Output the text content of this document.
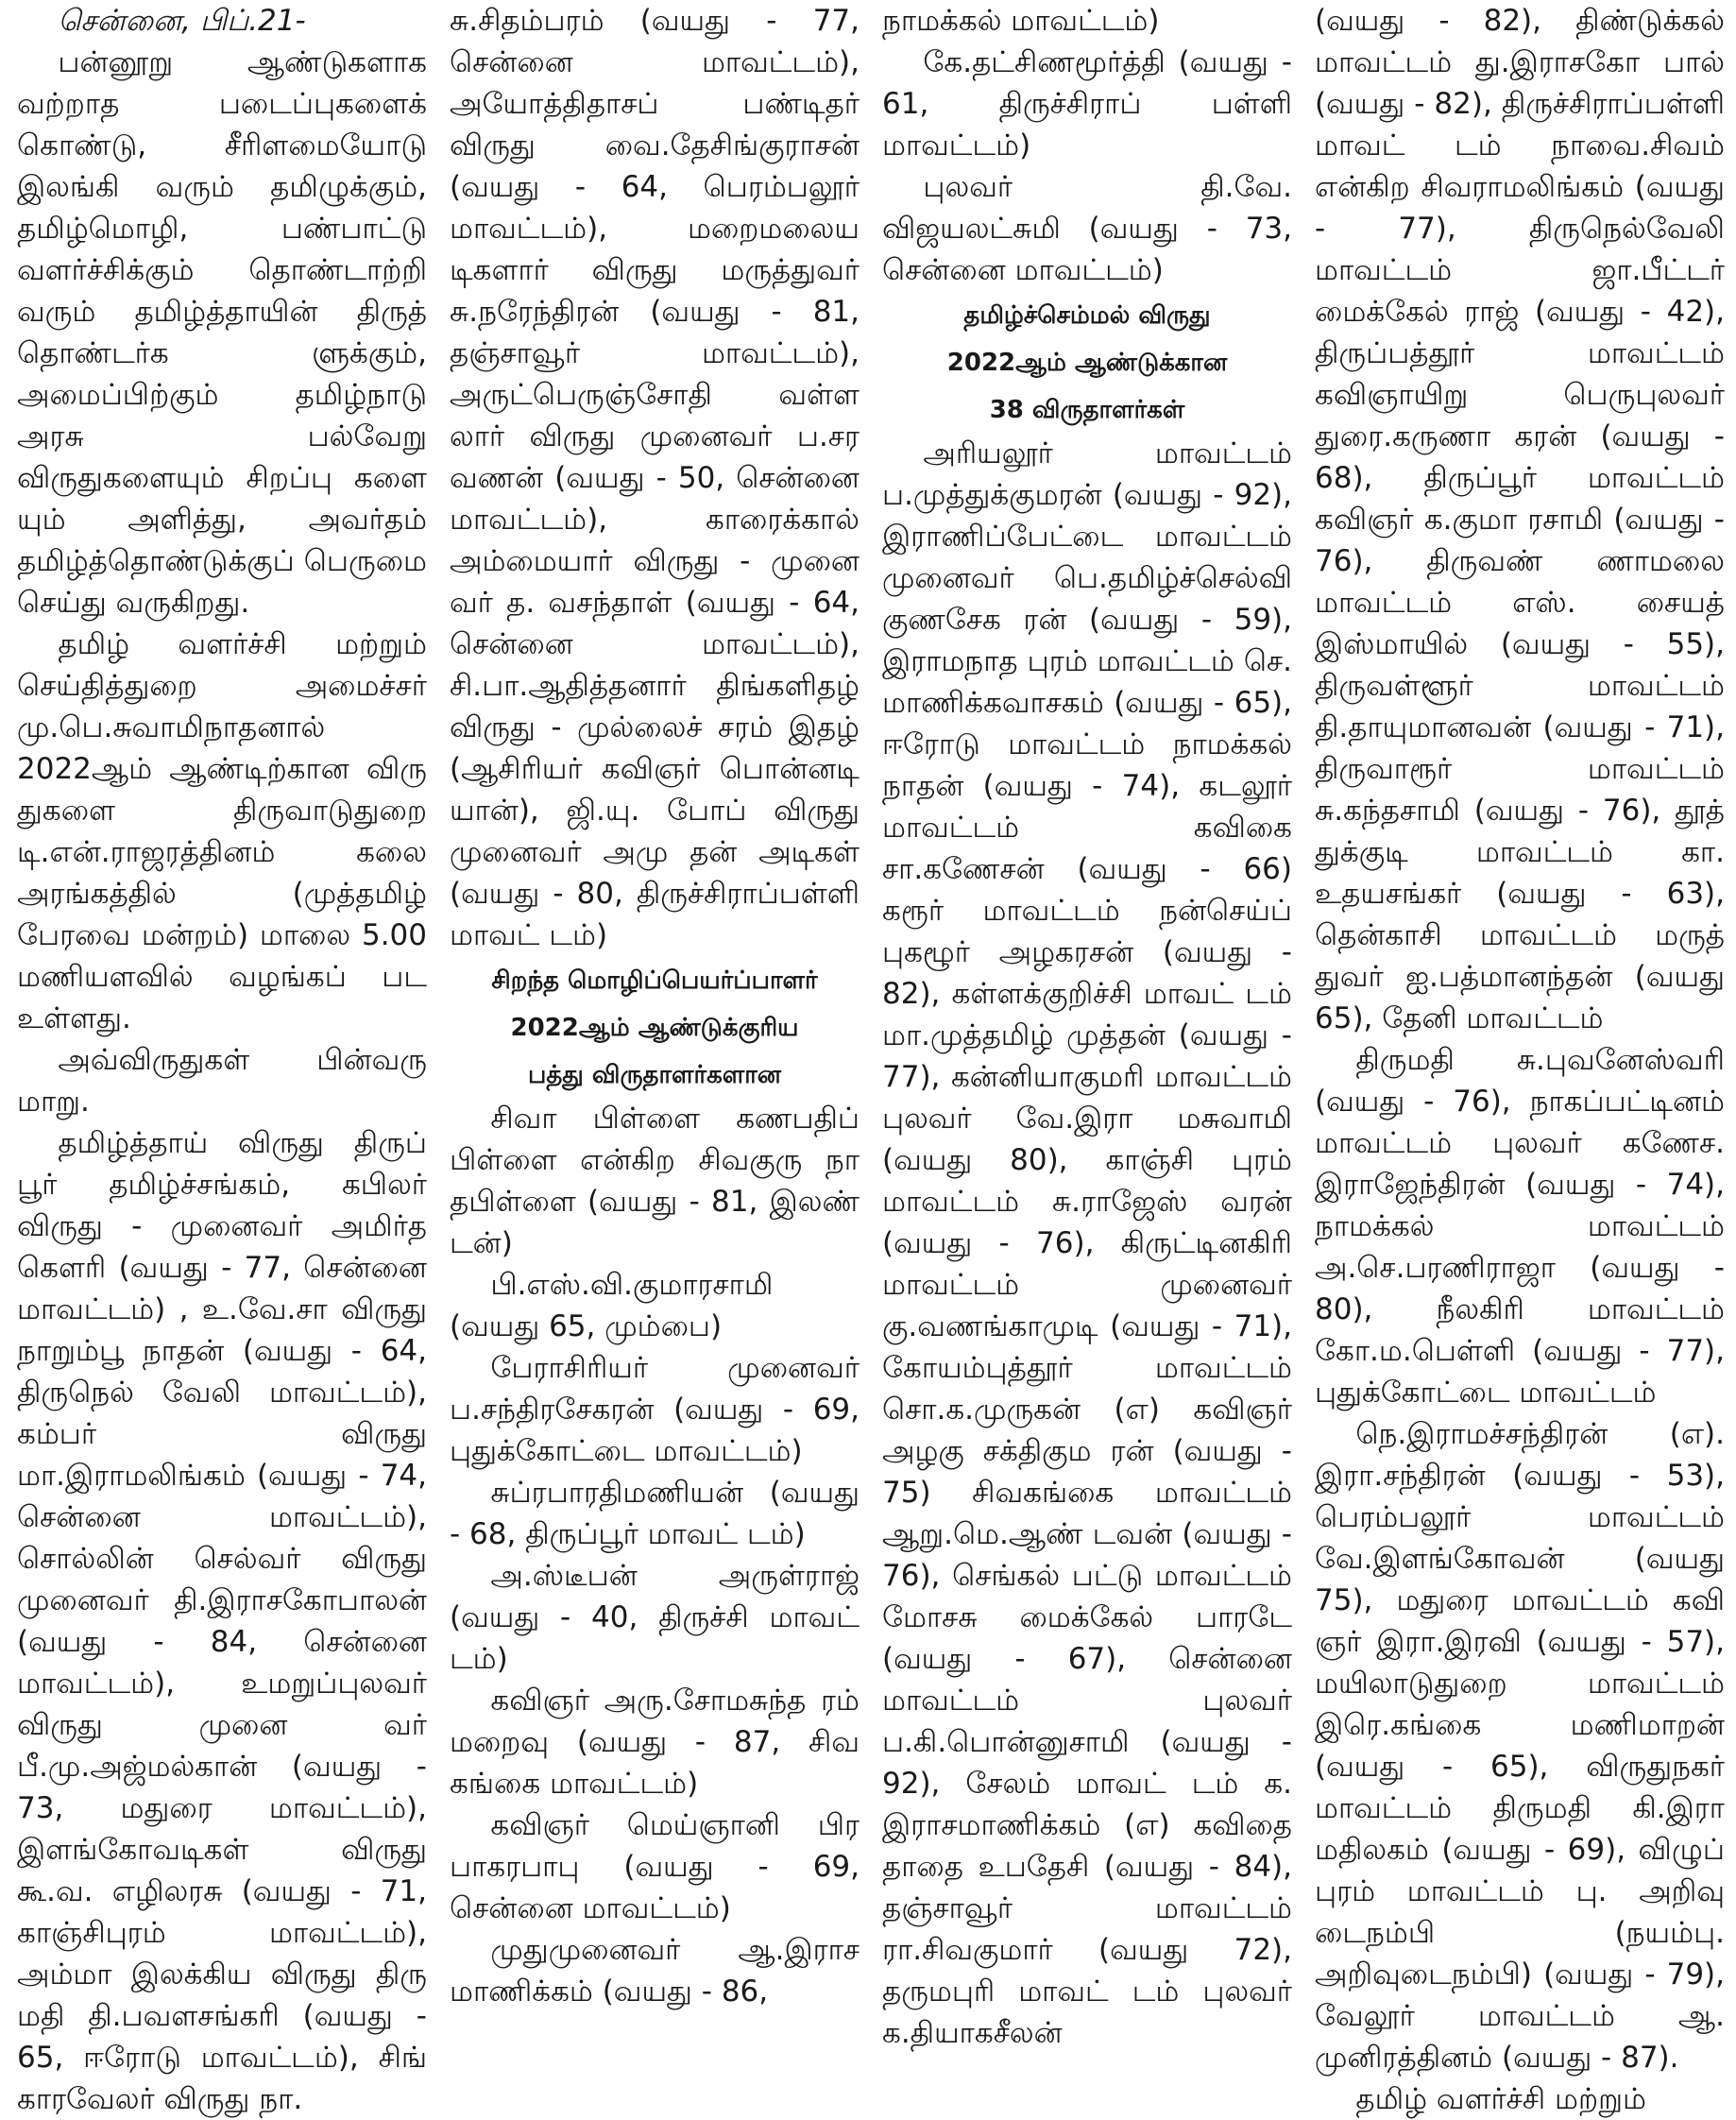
சென்னை, பிப்.21-

பன்னூறு ஆண்டுகளாக வற்றாத படைப்புகளைக் கொண்டு, சீரிளமையோடு இலங்கி வரும் தமிழுக்கும், தமிழ்மொழி, பண்பாட்டு வளர்ச்சிக்கும் தொண்டாற்றி வரும் தமிழ்த்தாயின் திருத் தொண்டர்க ளுக்கும், அமைப்பிற்கும் தமிழ்நாடு அரசு பல்வேறு விருதுகளையும் சிறப்பு களை யும் அளித்து, அவர்தம் தமிழ்த்தொண்டுக்குப் பெருமை செய்து வருகிறது.

தமிழ் வளர்ச்சி மற்றும் செய்தித்துறை அமைச்சர் மு.பெ.சுவாமிநாதனால் 2022ஆம் ஆண்டிற்கான விரு துகளை திருவாடுதுறை டி.என்.ராஜரத்தினம் கலை அரங்கத்தில் (முத்தமிழ் பேரவை மன்றம்) மாலை 5.00 மணியளவில் வழங்கப் பட உள்ளது.

அவ்விருதுகள் பின்வரு மாறு.

தமிழ்த்தாய் விருது திருப் பூர் தமிழ்ச்சங்கம், கபிலர் விருது - முனைவர் அமிர்த கௌரி (வயது - 77, சென்னை மாவட்டம்) , உ.வே.சா விருது நாறும்பூ நாதன் (வயது - 64, திருநெல் வேலி மாவட்டம்), கம்பர் விருது மா.இராமலிங்கம் (வயது - 74, சென்னை மாவட்டம்), சொல்லின் செல்வர் விருது முனைவர் தி.இராசகோபாலன் (வயது - 84, சென்னை மாவட்டம்), உமறுப்புலவர் விருது முனை வர் பீ.மு.அஜ்மல்கான் (வயது - 73, மதுரை மாவட்டம்), இளங்கோவடிகள் விருது கூ.வ. எழிலரசு (வயது - 71, காஞ்சிபுரம் மாவட்டம்), அம்மா இலக்கிய விருது திரு மதி தி.பவளசங்கரி (வயது - 65, ஈரோடு மாவட்டம்), சிங் காரவேலர் விருது நா.

சு.சிதம்பரம் (வயது - 77, சென்னை மாவட்டம்), அயோத்திதாசப் பண்டிதர் விருது வை.தேசிங்குராசன் (வயது - 64, பெரம்பலூர் மாவட்டம்), மறைமலைய டிகளார் விருது மருத்துவர் சு.நரேந்திரன் (வயது - 81, தஞ்சாவூர் மாவட்டம்), அருட்பெருஞ்சோதி வள்ள லார் விருது முனைவர் ப.சர வணன் (வயது - 50, சென்னை மாவட்டம்), காரைக்கால் அம்மையார் விருது - முனை வர் த. வசந்தாள் (வயது - 64, சென்னை மாவட்டம்), சி.பா.ஆதித்தனார் திங்களிதழ் விருது - முல்லைச் சரம் இதழ் (ஆசிரியர் கவிஞர் பொன்னடி யான்), ஜி.யு. போப் விருது முனைவர் அமு தன் அடிகள் (வயது - 80, திருச்சிராப்பள்ளி மாவட் டம்)

சிறந்த மொழிப்பெயர்ப்பாளர்

2022ஆம் ஆண்டுக்குரிய

பத்து விருதாளர்களான

சிவா பிள்ளை கணபதிப் பிள்ளை என்கிற சிவகுரு நா தபிள்ளை (வயது - 81, இலண் டன்)

பி.எஸ்.வி.குமாரசாமி (வயது 65, மும்பை)

பேராசிரியர் முனைவர் ப.சந்திரசேகரன் (வயது - 69, புதுக்கோட்டை மாவட்டம்)

சுப்ரபாரதிமணியன் (வயது - 68, திருப்பூர் மாவட் டம்)

அ.ஸ்டீபன் அருள்ராஜ் (வயது - 40, திருச்சி மாவட் டம்)

கவிஞர் அரு.சோமசுந்த ரம் மறைவு (வயது - 87, சிவ கங்கை மாவட்டம்)

கவிஞர் மெய்ஞானி பிர பாகரபாபு (வயது - 69, சென்னை மாவட்டம்)

முதுமுனைவர் ஆ.இராச மாணிக்கம் (வயது - 86,

நாமக்கல் மாவட்டம்)

கே.தட்சிணமூர்த்தி (வயது - 61, திருச்சிராப் பள்ளி மாவட்டம்)

புலவர் தி.வே. விஜயலட்சுமி (வயது - 73, சென்னை மாவட்டம்)

தமிழ்ச்செம்மல் விருது

2022ஆம் ஆண்டுக்கான

38 விருதாளர்கள்

அரியலூர் மாவட்டம் ப.முத்துக்குமரன் (வயது - 92), இராணிப்பேட்டை மாவட்டம் முனைவர் பெ.தமிழ்ச்செல்வி குணசேக ரன் (வயது - 59), இராமநாத புரம் மாவட்டம் செ. மாணிக்கவாசகம் (வயது - 65), ஈரோடு மாவட்டம் நாமக்கல் நாதன் (வயது - 74), கடலூர் மாவட்டம் கவிகை சா.கணேசன் (வயது - 66) கரூர் மாவட்டம் நன்செய்ப் புகழூர் அழகரசன் (வயது - 82), கள்ளக்குறிச்சி மாவட் டம் மா.முத்தமிழ் முத்தன் (வயது - 77), கன்னியாகுமரி மாவட்டம் புலவர் வே.இரா மசுவாமி (வயது 80), காஞ்சி புரம் மாவட்டம் சு.ராஜேஸ் வரன் (வயது - 76), கிருட்டினகிரி மாவட்டம் முனைவர் கு.வணங்காமுடி (வயது - 71), கோயம்புத்தூர் மாவட்டம் சொ.க.முருகன் (எ) கவிஞர் அழகு சக்திகும ரன் (வயது - 75) சிவகங்கை மாவட்டம் ஆறு.மெ.ஆண் டவன் (வயது - 76), செங்கல் பட்டு மாவட்டம் மோசசு மைக்கேல் பாரடே (வயது - 67), சென்னை மாவட்டம் புலவர் ப.கி.பொன்னுசாமி (வயது - 92), சேலம் மாவட் டம் க. இராசமாணிக்கம் (எ) கவிதை தாதை உபதேசி (வயது - 84), தஞ்சாவூர் மாவட்டம் ரா.சிவகுமார் (வயது 72), தருமபுரி மாவட் டம் புலவர் க.தியாகசீலன்

(வயது - 82), திண்டுக்கல் மாவட்டம் து.இராசகோ பால் (வயது - 82), திருச்சிராப்பள்ளி மாவட் டம் நாவை.சிவம் என்கிற சிவராமலிங்கம் (வயது - 77), திருநெல்வேலி மாவட்டம் ஜா.பீட்டர் மைக்கேல் ராஜ் (வயது - 42), திருப்பத்தூர் மாவட்டம் கவிஞாயிறு பெருபுலவர் துரை.கருணா கரன் (வயது - 68), திருப்பூர் மாவட்டம் கவிஞர் க.குமா ரசாமி (வயது - 76), திருவண் ணாமலை மாவட்டம் எஸ். சையத் இஸ்மாயில் (வயது - 55), திருவள்ளூர் மாவட்டம் தி.தாயுமானவன் (வயது - 71), திருவாரூர் மாவட்டம் சு.கந்தசாமி (வயது - 76), தூத் துக்குடி மாவட்டம் கா. உதயசங்கர் (வயது - 63), தென்காசி மாவட்டம் மருத் துவர் ஐ.பத்மானந்தன் (வயது 65), தேனி மாவட்டம்

திருமதி சு.புவனேஸ்வரி (வயது - 76), நாகப்பட்டினம் மாவட்டம் புலவர் கணேச. இராஜேந்திரன் (வயது - 74), நாமக்கல் மாவட்டம் அ.செ.பரணிராஜா (வயது - 80), நீலகிரி மாவட்டம் கோ.ம.பெள்ளி (வயது - 77), புதுக்கோட்டை மாவட்டம்

நெ.இராமச்சந்திரன் (எ). இரா.சந்திரன் (வயது - 53), பெரம்பலூர் மாவட்டம் வே.இளங்கோவன் (வயது 75), மதுரை மாவட்டம் கவி ஞர் இரா.இரவி (வயது - 57), மயிலாடுதுறை மாவட்டம் இரெ.கங்கை மணிமாறன் (வயது - 65), விருதுநகர் மாவட்டம் திருமதி கி.இரா மதிலகம் (வயது - 69), விழுப் புரம் மாவட்டம் பு. அறிவு டைநம்பி (நயம்பு. அறிவுடைநம்பி) (வயது - 79), வேலூர் மாவட்டம் ஆ. முனிரத்தினம் (வயது - 87).

தமிழ் வளர்ச்சி மற்றும்
